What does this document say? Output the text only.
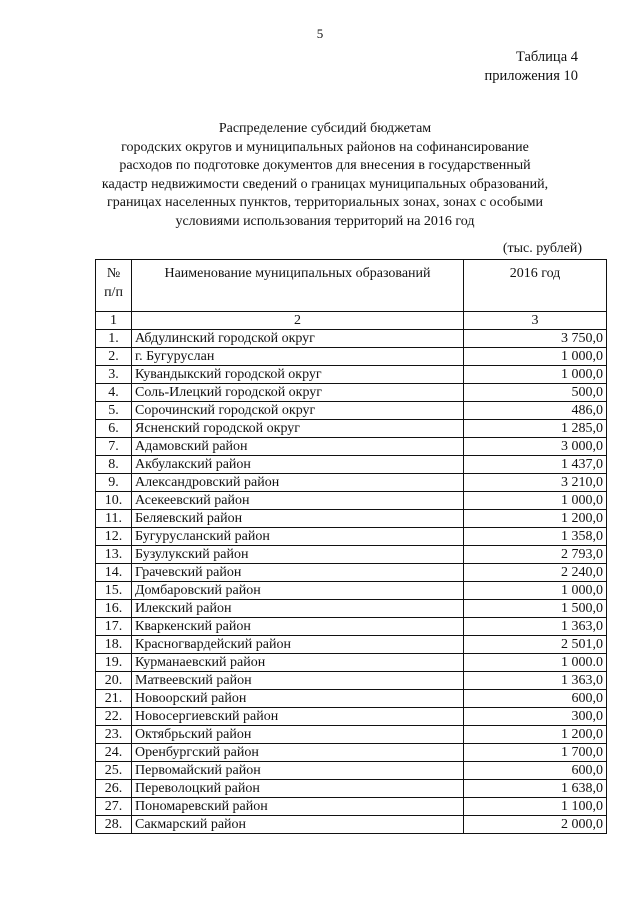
5
Таблица 4
приложения 10
Распределение субсидий бюджетам
городских округов и муниципальных районов на софинансирование
расходов по подготовке документов для внесения в государственный
кадастр недвижимости сведений о границах муниципальных образований,
границах населенных пунктов, территориальных зонах, зонах с особыми
условиями использования территорий на 2016 год
(тыс. рублей)
№
п/п	Наименование муниципальных образований	2016 год
1	2	3
1.	Абдулинский городской округ	3 750,0
2.	г. Бугуруслан	1 000,0
3.	Кувандыкский городской округ	1 000,0
4.	Соль-Илецкий городской округ	500,0
5.	Сорочинский городской округ	486,0
6.	Ясненский городской округ	1 285,0
7.	Адамовский район	3 000,0
8.	Акбулакский район	1 437,0
9.	Александровский район	3 210,0
10.	Асекеевский район	1 000,0
11.	Беляевский район	1 200,0
12.	Бугурусланский район	1 358,0
13.	Бузулукский район	2 793,0
14.	Грачевский район	2 240,0
15.	Домбаровский район	1 000,0
16.	Илекский район	1 500,0
17.	Кваркенский район	1 363,0
18.	Красногвардейский район	2 501,0
19.	Курманаевский район	1 000.0
20.	Матвеевский район	1 363,0
21.	Новоорский район	600,0
22.	Новосергиевский район	300,0
23.	Октябрьский район	1 200,0
24.	Оренбургский район	1 700,0
25.	Первомайский район	600,0
26.	Переволоцкий район	1 638,0
27.	Пономаревский район	1 100,0
28.	Сакмарский район	2 000,0
